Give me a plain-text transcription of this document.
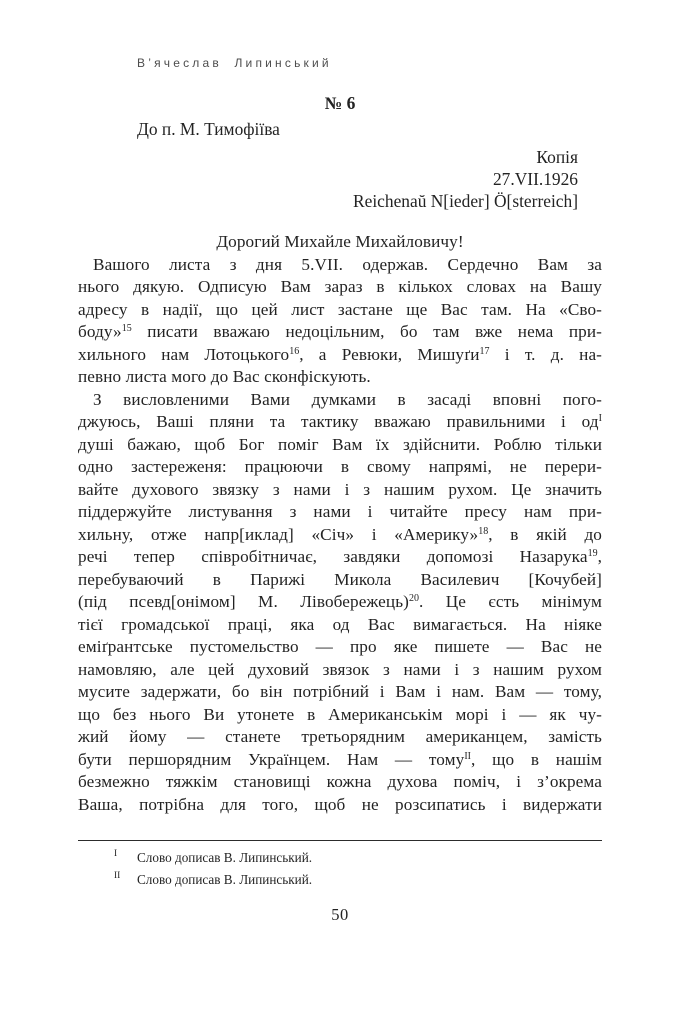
В’ячеслав Липинський
№ 6
До п. М. Тимофіїва
Копія
27.VII.1926
Reichenaŭ N[ieder] Ö[sterreich]
Дорогий Михайле Михайловичу!
Вашого листа з дня 5.VII. одержав. Сердечно Вам за
нього дякую. Одписую Вам зараз в кількох словах на Вашу
адресу в надії, що цей лист застане ще Вас там. На «Сво-
боду»$^{15}$ писати вважаю недоцільним, бо там вже нема при-
хильного нам Лотоцького$^{16}$, а Ревюки, Мишуґи$^{17}$ і т. д. на-
певно листа мого до Вас сконфіскують.
З висловленими Вами думками в засаді вповні пого-
джуюсь, Ваші пляни та тактику вважаю правильними і од$^I$
душі бажаю, щоб Бог поміг Вам їх здійснити. Роблю тільки
одно застереженя: працюючи в свому напрямі, не перери-
вайте духового звязку з нами і з нашим рухом. Це значить
піддержуйте листування з нами і читайте пресу нам при-
хильну, отже напр[иклад] «Січ» і «Америку»$^{18}$, в якій до
речі тепер співробітничає, завдяки допомозі Назарука$^{19}$,
перебуваючий в Парижі Микола Василевич [Кочубей]
(під псевд[онімом] М. Лівобережець)$^{20}$. Це єсть мінімум
тієї громадської праці, яка од Вас вимагається. На ніяке
еміґрантське пустомельство — про яке пишете — Вас не
намовляю, але цей духовий звязок з нами і з нашим рухом
мусите задержати, бо він потрібний і Вам і нам. Вам — тому,
що без нього Ви утонете в Американськім морі і — як чу-
жий йому — станете третьорядним американцем, замість
бути першорядним Українцем. Нам — тому$^{II}$, що в нашім
безмежно тяжкім становищі кожна духова поміч, і з’окрема
Ваша, потрібна для того, щоб не розсипатись і видержати
I Слово дописав В. Липинський.
II Слово дописав В. Липинський.
50
